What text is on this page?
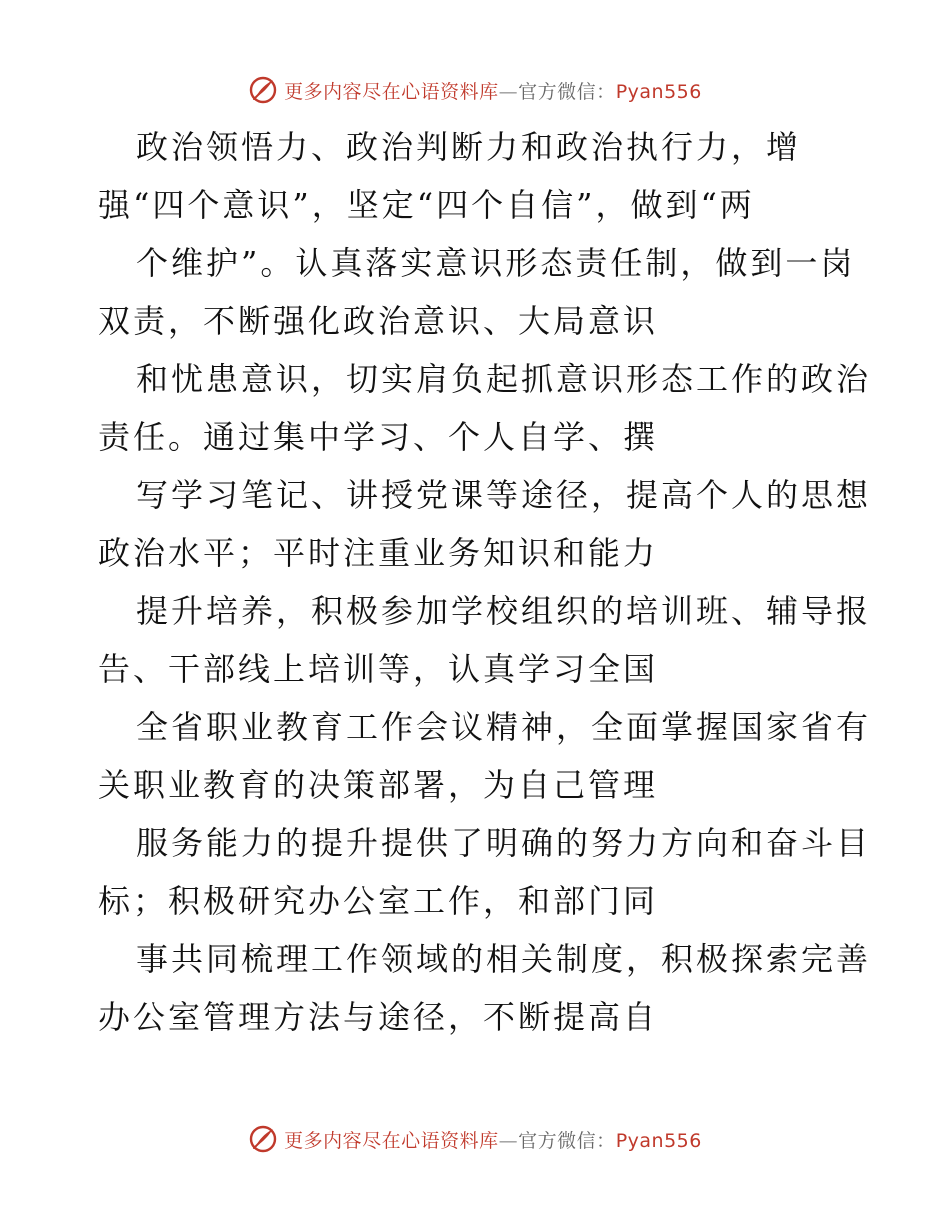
更多内容尽在心语资料库—官方微信：Pyan556
政治领悟力、政治判断力和政治执行力，增
强“四个意识”，坚定“四个自信”，做到“两
个维护”。认真落实意识形态责任制，做到一岗
双责，不断强化政治意识、大局意识
和忧患意识，切实肩负起抓意识形态工作的政治
责任。通过集中学习、个人自学、撰
写学习笔记、讲授党课等途径，提高个人的思想
政治水平；平时注重业务知识和能力
提升培养，积极参加学校组织的培训班、辅导报
告、干部线上培训等，认真学习全国
全省职业教育工作会议精神，全面掌握国家省有
关职业教育的决策部署，为自己管理
服务能力的提升提供了明确的努力方向和奋斗目
标；积极研究办公室工作，和部门同
事共同梳理工作领域的相关制度，积极探索完善
办公室管理方法与途径，不断提高自
更多内容尽在心语资料库—官方微信：Pyan556
